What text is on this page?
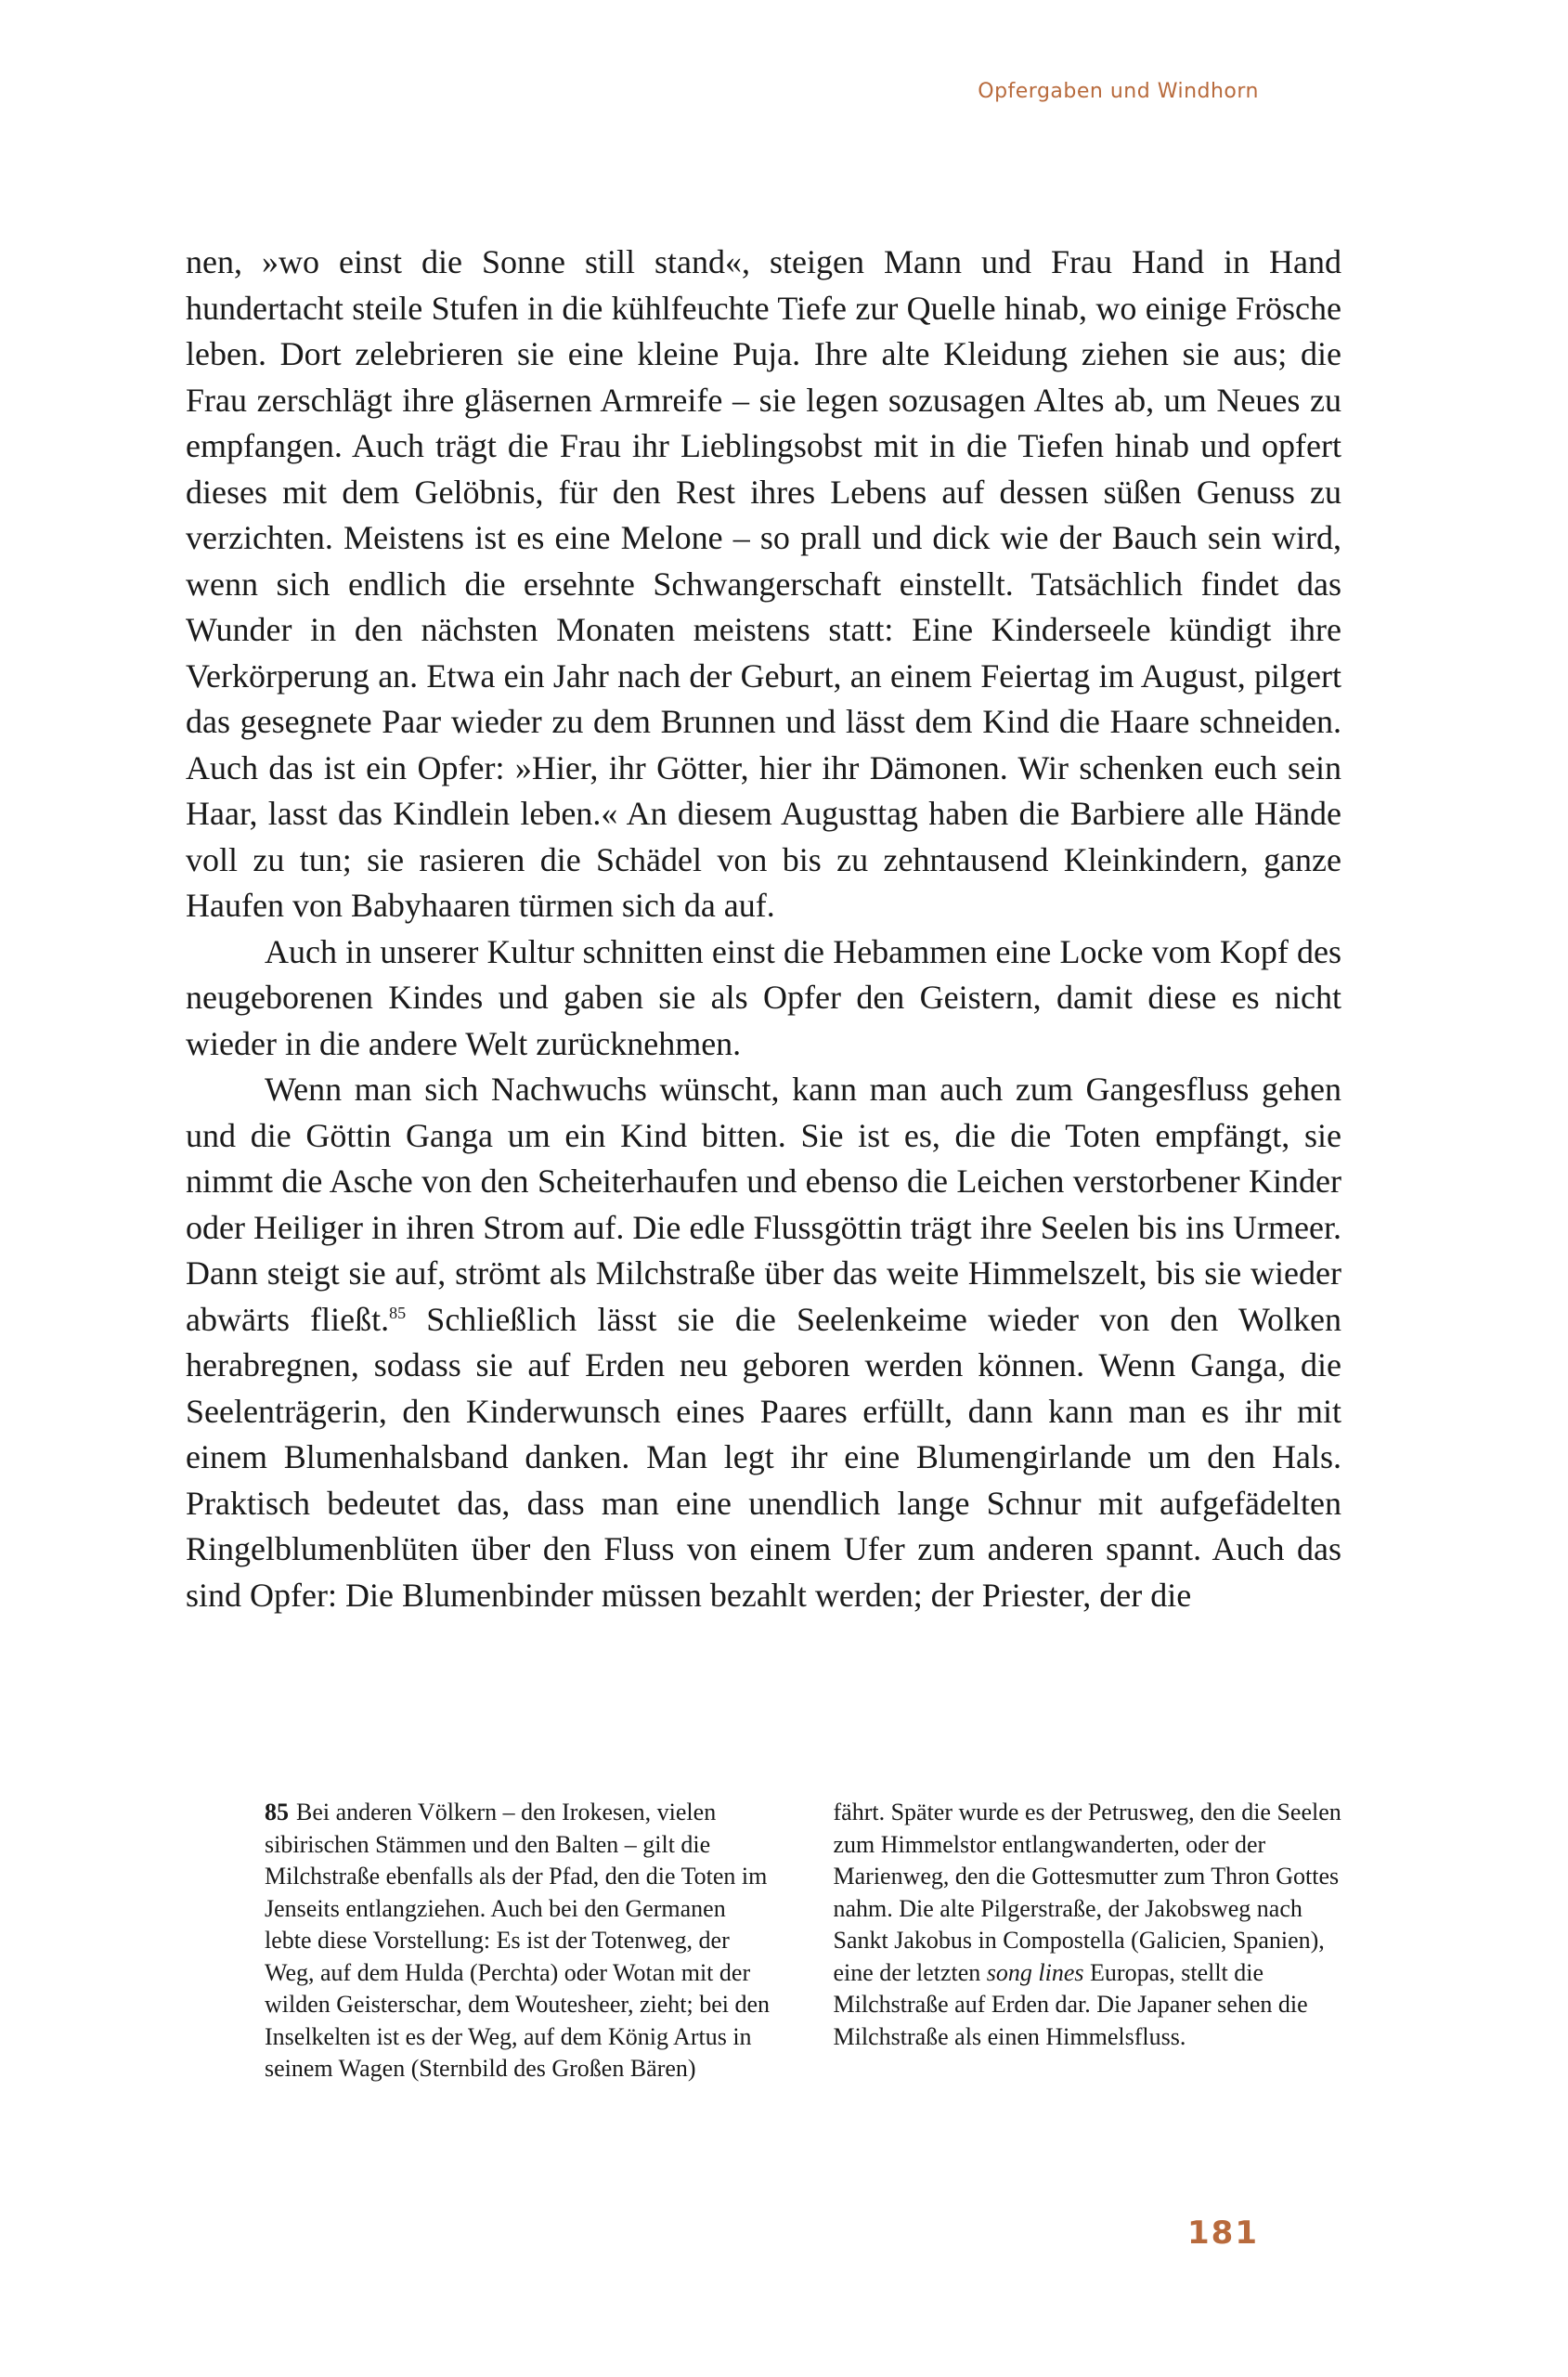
Opfergaben und Windhorn

nen, »wo einst die Sonne still stand«, steigen Mann und Frau Hand in Hand hundertacht steile Stufen in die kühlfeuchte Tiefe zur Quelle hinab, wo einige Frösche leben. Dort zelebrieren sie eine kleine Puja. Ihre alte Kleidung ziehen sie aus; die Frau zerschlägt ihre gläsernen Armreife – sie legen sozusagen Altes ab, um Neues zu empfangen. Auch trägt die Frau ihr Lieblingsobst mit in die Tiefen hinab und opfert dieses mit dem Gelöbnis, für den Rest ihres Lebens auf dessen süßen Genuss zu verzichten. Meistens ist es eine Melone – so prall und dick wie der Bauch sein wird, wenn sich endlich die ersehnte Schwangerschaft einstellt. Tatsächlich findet das Wunder in den nächsten Monaten meistens statt: Eine Kinderseele kündigt ihre Verkörperung an. Etwa ein Jahr nach der Geburt, an einem Feiertag im August, pilgert das gesegnete Paar wieder zu dem Brunnen und lässt dem Kind die Haare schneiden. Auch das ist ein Opfer: »Hier, ihr Götter, hier ihr Dämonen. Wir schenken euch sein Haar, lasst das Kindlein leben.« An diesem Augusttag haben die Barbiere alle Hände voll zu tun; sie rasieren die Schädel von bis zu zehntausend Kleinkindern, ganze Haufen von Babyhaaren türmen sich da auf.

Auch in unserer Kultur schnitten einst die Hebammen eine Locke vom Kopf des neugeborenen Kindes und gaben sie als Opfer den Geistern, damit diese es nicht wieder in die andere Welt zurücknehmen.

Wenn man sich Nachwuchs wünscht, kann man auch zum Gangesfluss gehen und die Göttin Ganga um ein Kind bitten. Sie ist es, die die Toten empfängt, sie nimmt die Asche von den Scheiterhaufen und ebenso die Leichen verstorbener Kinder oder Heiliger in ihren Strom auf. Die edle Flussgöttin trägt ihre Seelen bis ins Urmeer. Dann steigt sie auf, strömt als Milchstraße über das weite Himmelszelt, bis sie wieder abwärts fließt.$^{85}$ Schließlich lässt sie die Seelenkeime wieder von den Wolken herabregnen, sodass sie auf Erden neu geboren werden können. Wenn Ganga, die Seelenträgerin, den Kinderwunsch eines Paares erfüllt, dann kann man es ihr mit einem Blumenhalsband danken. Man legt ihr eine Blumengirlande um den Hals. Praktisch bedeutet das, dass man eine unendlich lange Schnur mit aufgefädelten Ringelblumenblüten über den Fluss von einem Ufer zum anderen spannt. Auch das sind Opfer: Die Blumenbinder müssen bezahlt werden; der Priester, der die

85 Bei anderen Völkern – den Irokesen, vielen sibirischen Stämmen und den Balten – gilt die Milchstraße ebenfalls als der Pfad, den die Toten im Jenseits entlangziehen. Auch bei den Germanen lebte diese Vorstellung: Es ist der Totenweg, der Weg, auf dem Hulda (Perchta) oder Wotan mit der wilden Geisterschar, dem Woutesheer, zieht; bei den Inselkelten ist es der Weg, auf dem König Artus in seinem Wagen (Sternbild des Großen Bären)
fährt. Später wurde es der Petrusweg, den die Seelen zum Himmelstor entlangwanderten, oder der Marienweg, den die Gottesmutter zum Thron Gottes nahm. Die alte Pilgerstraße, der Jakobsweg nach Sankt Jakobus in Compostella (Galicien, Spanien), eine der letzten song lines Europas, stellt die Milchstraße auf Erden dar. Die Japaner sehen die Milchstraße als einen Himmelsfluss.
181
